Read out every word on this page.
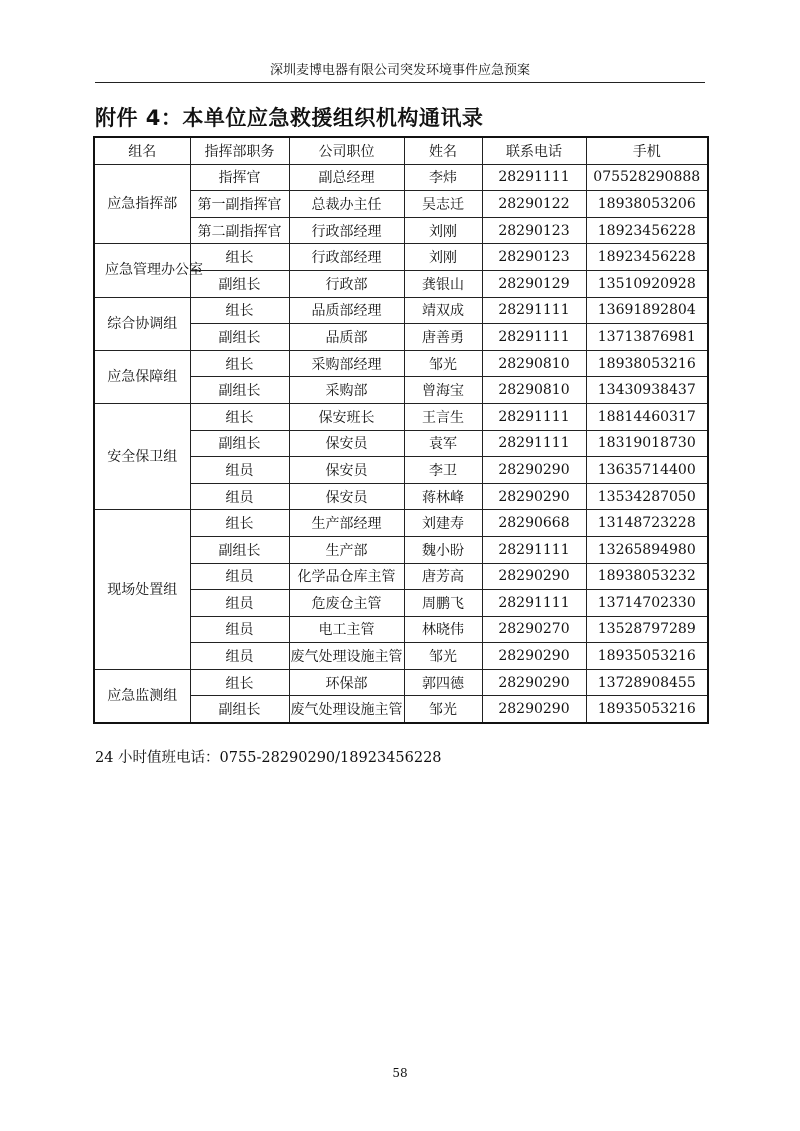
深圳麦博电器有限公司突发环境事件应急预案
附件 4：本单位应急救援组织机构通讯录
组名	指挥部职务	公司职位	姓名	联系电话	手机
应急指挥部	指挥官	副总经理	李炜	28291111	075528290888
	第一副指挥官	总裁办主任	吴志迁	28290122	18938053206
	第二副指挥官	行政部经理	刘刚	28290123	18923456228
应急管理办公室	组长	行政部经理	刘刚	28290123	18923456228
	副组长	行政部	龚银山	28290129	13510920928
综合协调组	组长	品质部经理	靖双成	28291111	13691892804
	副组长	品质部	唐善勇	28291111	13713876981
应急保障组	组长	采购部经理	邹光	28290810	18938053216
	副组长	采购部	曾海宝	28290810	13430938437
安全保卫组	组长	保安班长	王言生	28291111	18814460317
	副组长	保安员	袁军	28291111	18319018730
	组员	保安员	李卫	28290290	13635714400
	组员	保安员	蒋林峰	28290290	13534287050
现场处置组	组长	生产部经理	刘建寿	28290668	13148723228
	副组长	生产部	魏小盼	28291111	13265894980
	组员	化学品仓库主管	唐芳高	28290290	18938053232
	组员	危废仓主管	周鹏飞	28291111	13714702330
	组员	电工主管	林晓伟	28290270	13528797289
	组员	废气处理设施主管	邹光	28290290	18935053216
应急监测组	组长	环保部	郭四德	28290290	13728908455
	副组长	废气处理设施主管	邹光	28290290	18935053216
24 小时值班电话：0755-28290290/18923456228
58
